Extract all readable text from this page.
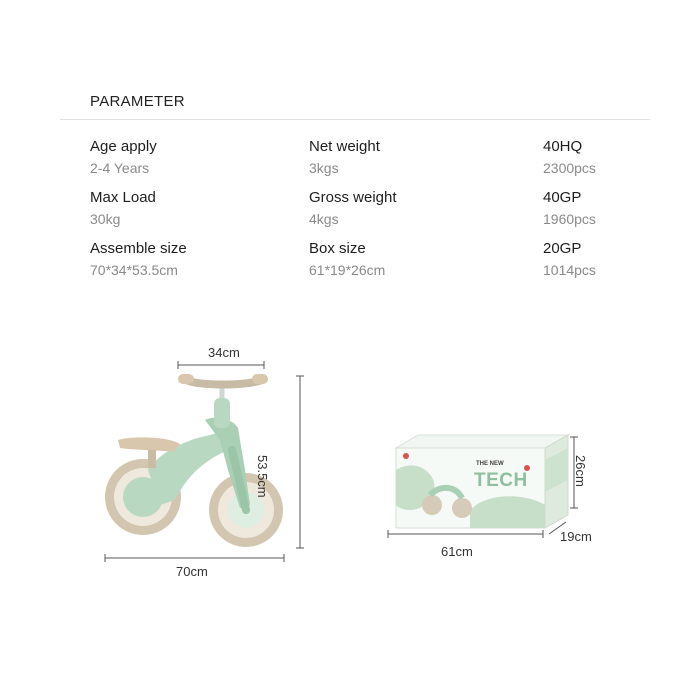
PARAMETER
Age apply
2-4 Years
Max Load
30kg
Assemble size
70*34*53.5cm
Net weight
3kgs
Gross weight
4kgs
Box size
61*19*26cm
40HQ
2300pcs
40GP
1960pcs
20GP
1014pcs
THE NEW
TECH
34cm
53.5cm
70cm
26cm
61cm
19cm
